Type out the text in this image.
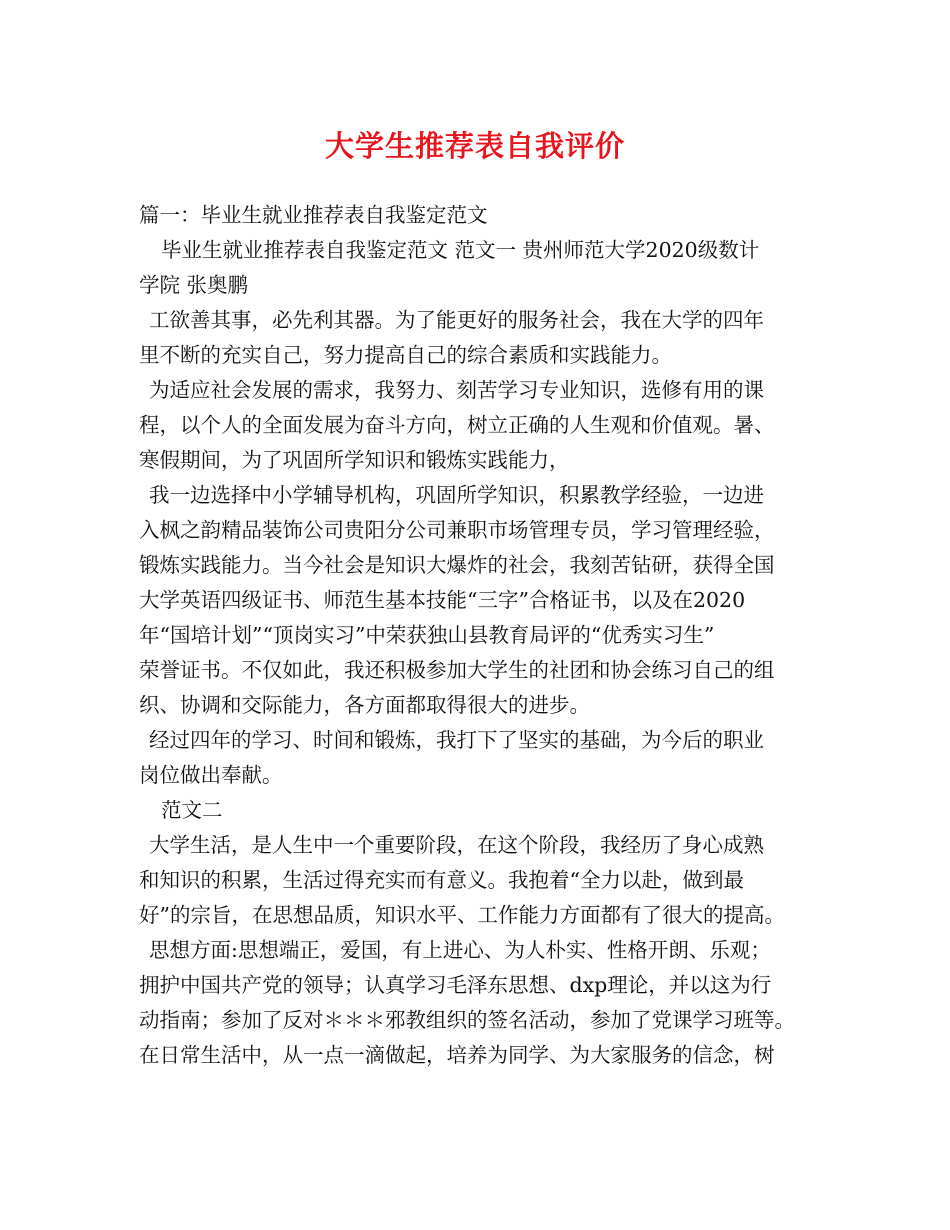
大学生推荐表自我评价
篇一：毕业生就业推荐表自我鉴定范文
毕业生就业推荐表自我鉴定范文 范文一 贵州师范大学2020级数计
学院 张奥鹏
工欲善其事，必先利其器。为了能更好的服务社会，我在大学的四年
里不断的充实自己，努力提高自己的综合素质和实践能力。
为适应社会发展的需求，我努力、刻苦学习专业知识，选修有用的课
程，以个人的全面发展为奋斗方向，树立正确的人生观和价值观。暑、
寒假期间，为了巩固所学知识和锻炼实践能力，
我一边选择中小学辅导机构，巩固所学知识，积累教学经验，一边进
入枫之韵精品装饰公司贵阳分公司兼职市场管理专员，学习管理经验，
锻炼实践能力。当今社会是知识大爆炸的社会，我刻苦钻研，获得全国
大学英语四级证书、师范生基本技能“三字”合格证书，以及在2020
年“国培计划”“顶岗实习”中荣获独山县教育局评的“优秀实习生”
荣誉证书。不仅如此，我还积极参加大学生的社团和协会练习自己的组
织、协调和交际能力，各方面都取得很大的进步。
经过四年的学习、时间和锻炼，我打下了坚实的基础，为今后的职业
岗位做出奉献。
范文二
大学生活，是人生中一个重要阶段，在这个阶段，我经历了身心成熟
和知识的积累，生活过得充实而有意义。我抱着“全力以赴，做到最
好”的宗旨，在思想品质，知识水平、工作能力方面都有了很大的提高。
思想方面:思想端正，爱国，有上进心、为人朴实、性格开朗、乐观；
拥护中国共产党的领导；认真学习毛泽东思想、dxp理论，并以这为行
动指南；参加了反对＊＊＊邪教组织的签名活动，参加了党课学习班等。
在日常生活中，从一点一滴做起，培养为同学、为大家服务的信念，树
